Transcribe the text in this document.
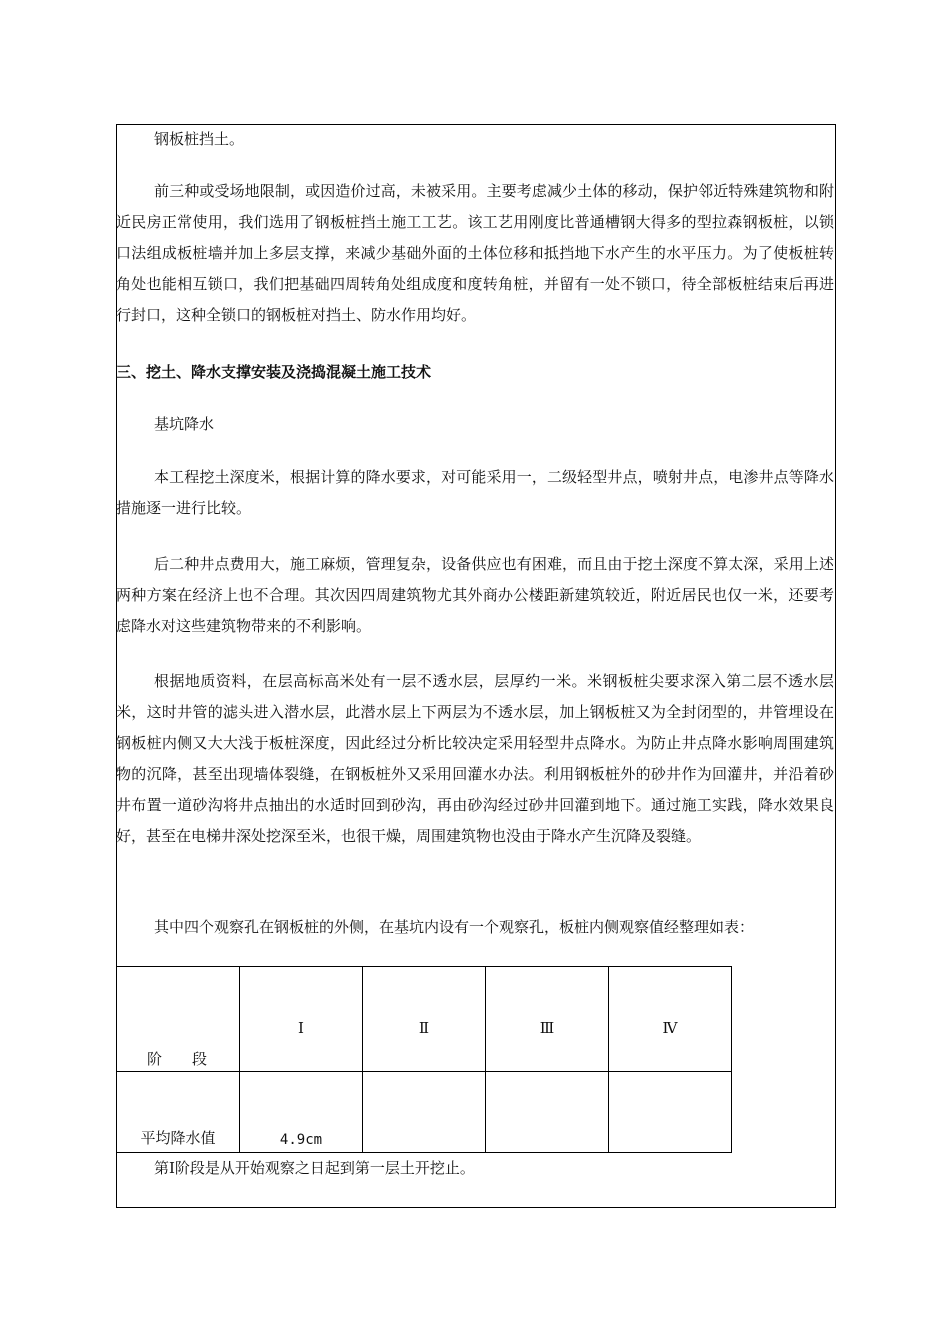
钢板桩挡土。

前三种或受场地限制，或因造价过高，未被采用。主要考虑减少土体的移动，保护邻近特殊建筑物和附近民房正常使用，我们选用了钢板桩挡土施工工艺。该工艺用刚度比普通槽钢大得多的型拉森钢板桩，以锁口法组成板桩墙并加上多层支撑，来减少基础外面的土体位移和抵挡地下水产生的水平压力。为了使板桩转角处也能相互锁口，我们把基础四周转角处组成度和度转角桩，并留有一处不锁口，待全部板桩结束后再进行封口，这种全锁口的钢板桩对挡土、防水作用均好。

三、挖土、降水支撑安装及浇捣混凝土施工技术

基坑降水

本工程挖土深度米，根据计算的降水要求，对可能采用一，二级轻型井点，喷射井点，电渗井点等降水措施逐一进行比较。

后二种井点费用大，施工麻烦，管理复杂，设备供应也有困难，而且由于挖土深度不算太深，采用上述两种方案在经济上也不合理。其次因四周建筑物尤其外商办公楼距新建筑较近，附近居民也仅一米，还要考虑降水对这些建筑物带来的不利影响。

根据地质资料，在层高标高米处有一层不透水层，层厚约一米。米钢板桩尖要求深入第二层不透水层米，这时井管的滤头进入潜水层，此潜水层上下两层为不透水层，加上钢板桩又为全封闭型的，井管埋设在钢板桩内侧又大大浅于板桩深度，因此经过分析比较决定采用轻型井点降水。为防止井点降水影响周围建筑物的沉降，甚至出现墙体裂缝，在钢板桩外又采用回灌水办法。利用钢板桩外的砂井作为回灌井，并沿着砂井布置一道砂沟将井点抽出的水适时回到砂沟，再由砂沟经过砂井回灌到地下。通过施工实践，降水效果良好，甚至在电梯井深处挖深至米，也很干燥，周围建筑物也没由于降水产生沉降及裂缝。

其中四个观察孔在钢板桩的外侧，在基坑内设有一个观察孔，板桩内侧观察值经整理如表：

阶 段	Ⅰ	Ⅱ	Ⅲ	Ⅳ

平均降水值	4.9cm			

第Ⅰ阶段是从开始观察之日起到第一层土开挖止。
